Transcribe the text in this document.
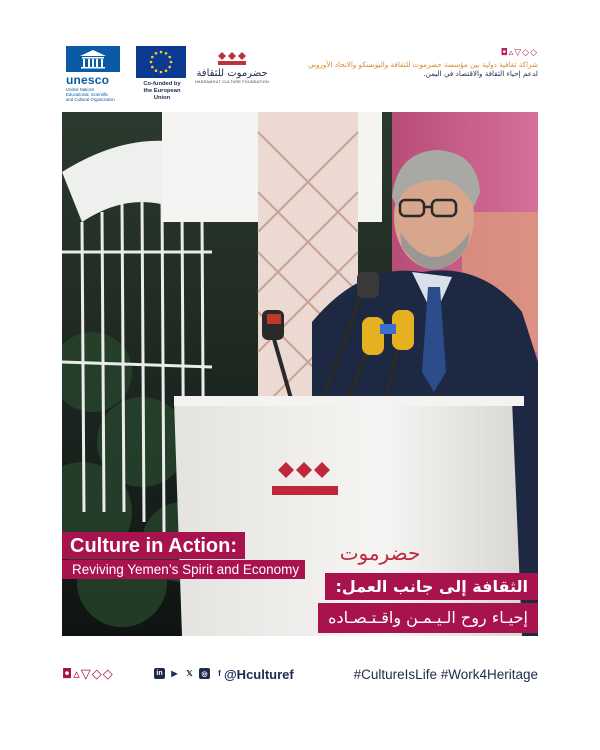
unesco
United Nations
Educational, Scientific
and Cultural Organization
Co-funded by
the European Union
حضرموت للثقافة
HADRAMOUT CULTURE FOUNDATION
◘▵▽◇◇
شراكة ثقافية دولية بين مؤسسة حضرموت للثقافة واليونسكو والاتحاد الأوروبي
لدعم إحياء الثقافة والاقتصاد في اليمن.
حضرموت
Culture in Action:
Reviving Yemen’s Spirit and Economy
الثقافة إلى جانب العمل:
إحيـاء روح الـيـمـن واقـتـصـاده
◘▵▽◇◇	in	▶	𝕏	◎	f @Hculturef	#CultureIsLife #Work4Heritage
